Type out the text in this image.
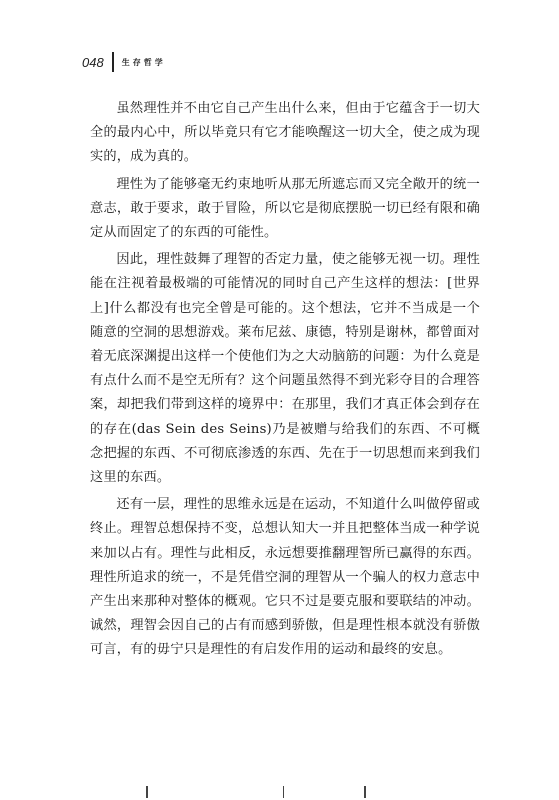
048 生存哲学

虽然理性并不由它自己产生出什么来，但由于它蕴含于一切大全的最内心中，所以毕竟只有它才能唤醒这一切大全，使之成为现实的，成为真的。

理性为了能够毫无约束地听从那无所遮忘而又完全敞开的统一意志，敢于要求，敢于冒险，所以它是彻底摆脱一切已经有限和确定从而固定了的东西的可能性。

因此，理性鼓舞了理智的否定力量，使之能够无视一切。理性能在注视着最极端的可能情况的同时自己产生这样的想法：[世界上]什么都没有也完全曾是可能的。这个想法，它并不当成是一个随意的空洞的思想游戏。莱布尼兹、康德，特别是谢林，都曾面对着无底深渊提出这样一个使他们为之大动脑筋的问题：为什么竟是有点什么而不是空无所有？这个问题虽然得不到光彩夺目的合理答案，却把我们带到这样的境界中：在那里，我们才真正体会到存在的存在(das Sein des Seins)乃是被赠与给我们的东西、不可概念把握的东西、不可彻底渗透的东西、先在于一切思想而来到我们这里的东西。

还有一层，理性的思维永远是在运动，不知道什么叫做停留或终止。理智总想保持不变，总想认知大一并且把整体当成一种学说来加以占有。理性与此相反，永远想要推翻理智所已赢得的东西。理性所追求的统一，不是凭借空洞的理智从一个骗人的权力意志中产生出来那种对整体的概观。它只不过是要克服和要联结的冲动。诚然，理智会因自己的占有而感到骄傲，但是理性根本就没有骄傲可言，有的毋宁只是理性的有启发作用的运动和最终的安息。
